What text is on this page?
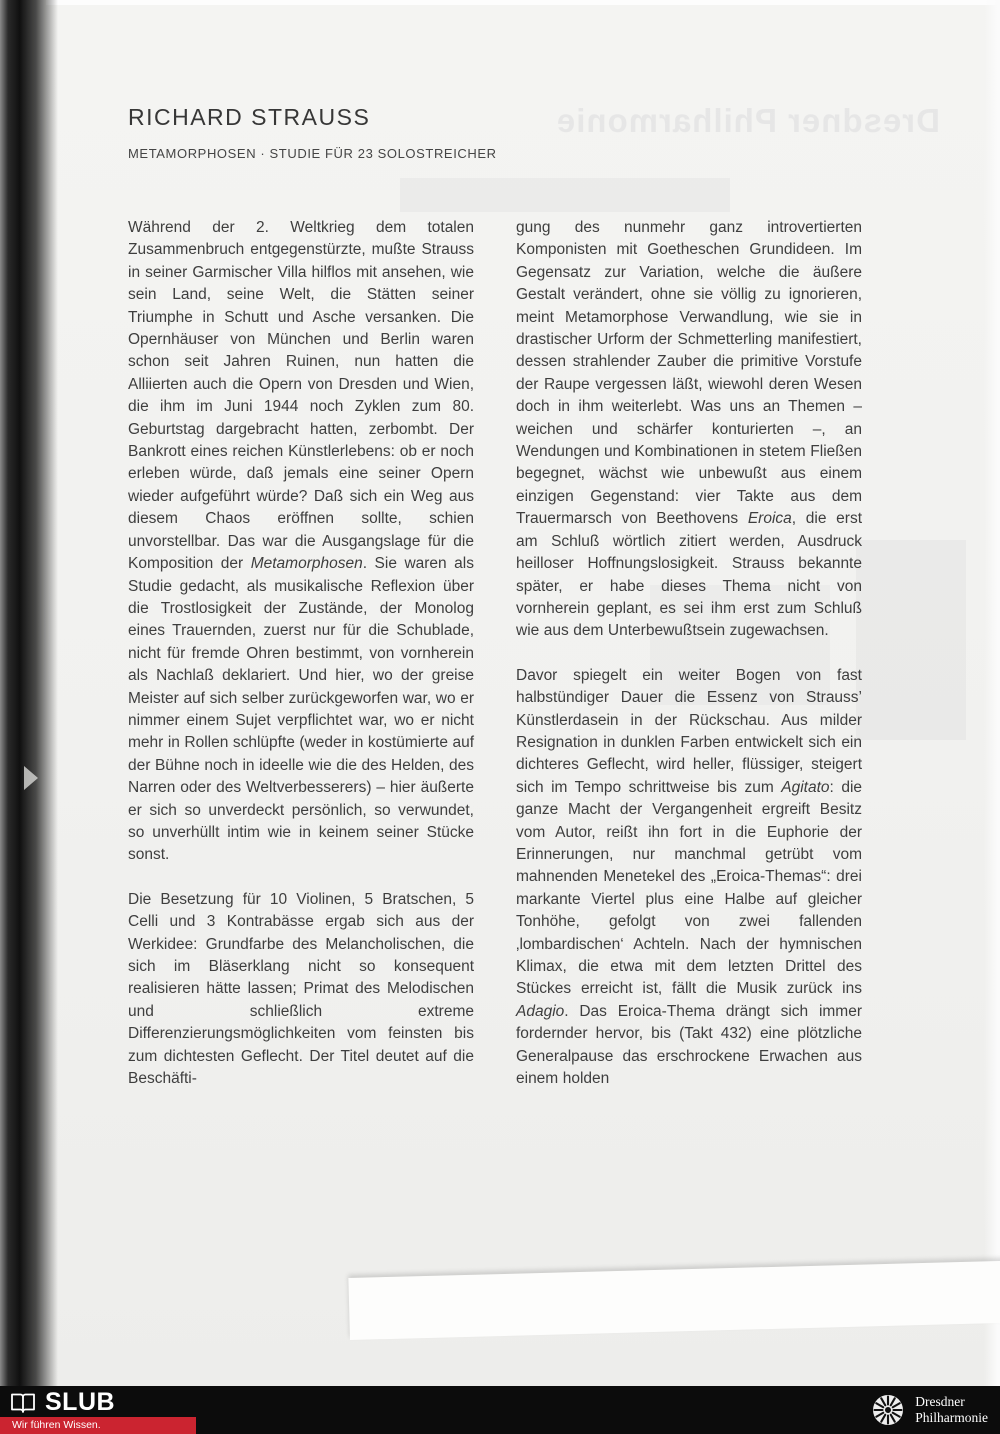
Dresdner Philharmonie
RICHARD STRAUSS
METAMORPHOSEN · STUDIE FÜR 23 SOLOSTREICHER

Während der 2. Weltkrieg dem totalen Zusammenbruch entgegenstürzte, mußte Strauss in seiner Garmischer Villa hilflos mit ansehen, wie sein Land, seine Welt, die Stätten seiner Triumphe in Schutt und Asche versanken. Die Opernhäuser von München und Berlin waren schon seit Jahren Ruinen, nun hatten die Alliierten auch die Opern von Dresden und Wien, die ihm im Juni 1944 noch Zyklen zum 80. Geburtstag dargebracht hatten, zerbombt. Der Bankrott eines reichen Künstlerlebens: ob er noch erleben würde, daß jemals eine seiner Opern wieder aufgeführt würde? Daß sich ein Weg aus diesem Chaos eröffnen sollte, schien unvorstellbar. Das war die Ausgangslage für die Komposition der Metamorphosen. Sie waren als Studie gedacht, als musikalische Reflexion über die Trostlosigkeit der Zustände, der Monolog eines Trauernden, zuerst nur für die Schublade, nicht für fremde Ohren bestimmt, von vornherein als Nachlaß deklariert. Und hier, wo der greise Meister auf sich selber zurückgeworfen war, wo er nimmer einem Sujet verpflichtet war, wo er nicht mehr in Rollen schlüpfte (weder in kostümierte auf der Bühne noch in ideelle wie die des Helden, des Narren oder des Weltverbesserers) – hier äußerte er sich so unverdeckt persönlich, so verwundet, so unverhüllt intim wie in keinem seiner Stücke sonst.

Die Besetzung für 10 Violinen, 5 Bratschen, 5 Celli und 3 Kontrabässe ergab sich aus der Werkidee: Grundfarbe des Melancholischen, die sich im Bläserklang nicht so konsequent realisieren hätte lassen; Primat des Melodischen und schließlich extreme Differenzierungsmöglichkeiten vom feinsten bis zum dichtesten Geflecht. Der Titel deutet auf die Beschäfti-

gung des nunmehr ganz introvertierten Komponisten mit Goetheschen Grundideen. Im Gegensatz zur Variation, welche die äußere Gestalt verändert, ohne sie völlig zu ignorieren, meint Metamorphose Verwandlung, wie sie in drastischer Urform der Schmetterling manifestiert, dessen strahlender Zauber die primitive Vorstufe der Raupe vergessen läßt, wiewohl deren Wesen doch in ihm weiterlebt. Was uns an Themen – weichen und schärfer konturierten –, an Wendungen und Kombinationen in stetem Fließen begegnet, wächst wie unbewußt aus einem einzigen Gegenstand: vier Takte aus dem Trauermarsch von Beethovens Eroica, die erst am Schluß wörtlich zitiert werden, Ausdruck heilloser Hoffnungslosigkeit. Strauss bekannte später, er habe dieses Thema nicht von vornherein geplant, es sei ihm erst zum Schluß wie aus dem Unterbewußtsein zugewachsen.

Davor spiegelt ein weiter Bogen von fast halbstündiger Dauer die Essenz von Strauss’ Künstlerdasein in der Rückschau. Aus milder Resignation in dunklen Farben entwickelt sich ein dichteres Geflecht, wird heller, flüssiger, steigert sich im Tempo schrittweise bis zum Agitato: die ganze Macht der Vergangenheit ergreift Besitz vom Autor, reißt ihn fort in die Euphorie der Erinnerungen, nur manchmal getrübt vom mahnenden Menetekel des „Eroica-Themas“: drei markante Viertel plus eine Halbe auf gleicher Tonhöhe, gefolgt von zwei fallenden ‚lombardischen‘ Achteln. Nach der hymnischen Klimax, die etwa mit dem letzten Drittel des Stückes erreicht ist, fällt die Musik zurück ins Adagio. Das Eroica-Thema drängt sich immer fordernder hervor, bis (Takt 432) eine plötzliche Generalpause das erschrockene Erwachen aus einem holden

SLUB
Wir führen Wissen.
Dresdner
Philharmonie
